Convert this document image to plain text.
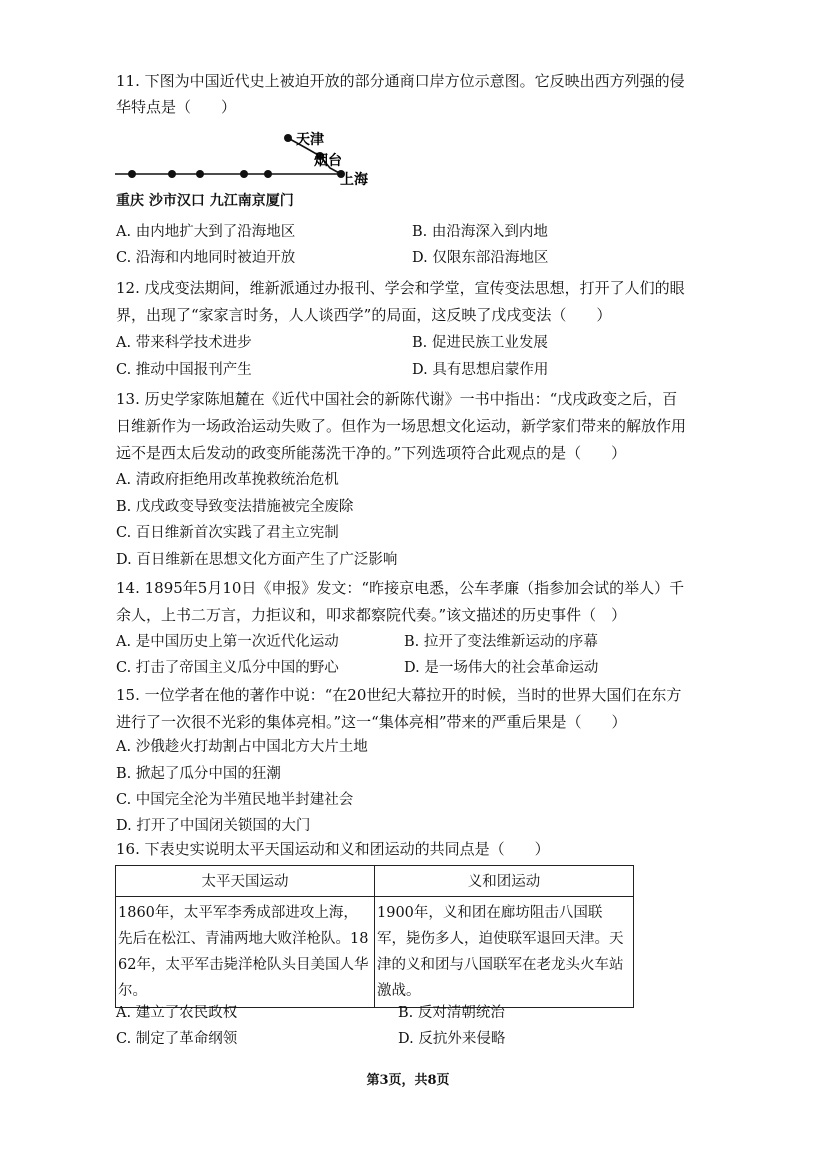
11. 下图为中国近代史上被迫开放的部分通商口岸方位示意图。它反映出西方列强的侵
华特点是（　　）
天津
烟台
上海
重庆 沙市汉口 九江南京厦门
A. 由内地扩大到了沿海地区	B. 由沿海深入到内地
C. 沿海和内地同时被迫开放	D. 仅限东部沿海地区
12. 戊戌变法期间，维新派通过办报刊、学会和学堂，宣传变法思想，打开了人们的眼
界，出现了“家家言时务，人人谈西学”的局面，这反映了戊戌变法（　　）
A. 带来科学技术进步	B. 促进民族工业发展
C. 推动中国报刊产生	D. 具有思想启蒙作用
13. 历史学家陈旭麓在《近代中国社会的新陈代谢》一书中指出：“戊戌政变之后，百
日维新作为一场政治运动失败了。但作为一场思想文化运动，新学家们带来的解放作用
远不是西太后发动的政变所能荡洗干净的。”下列选项符合此观点的是（　　）
A. 清政府拒绝用改革挽救统治危机
B. 戊戌政变导致变法措施被完全废除
C. 百日维新首次实践了君主立宪制
D. 百日维新在思想文化方面产生了广泛影响
14. 1895年5月10日《申报》发文：“昨接京电悉，公车孝廉（指参加会试的举人）千
余人，上书二万言，力拒议和，叩求都察院代奏。”该文描述的历史事件（　）
A. 是中国历史上第一次近代化运动	B. 拉开了变法维新运动的序幕
C. 打击了帝国主义瓜分中国的野心	D. 是一场伟大的社会革命运动
15. 一位学者在他的著作中说：“在20世纪大幕拉开的时候，当时的世界大国们在东方
进行了一次很不光彩的集体亮相。”这一“集体亮相”带来的严重后果是（　　）
A. 沙俄趁火打劫割占中国北方大片土地
B. 掀起了瓜分中国的狂潮
C. 中国完全沦为半殖民地半封建社会
D. 打开了中国闭关锁国的大门
16. 下表史实说明太平天国运动和义和团运动的共同点是（　　）
太平天国运动	义和团运动
1860年，太平军李秀成部进攻上海，先后在松江、青浦两地大败洋枪队。1862年，太平军击毙洋枪队头目美国人华尔。	1900年，义和团在廊坊阻击八国联军，毙伤多人，迫使联军退回天津。天津的义和团与八国联军在老龙头火车站激战。
A. 建立了农民政权	B. 反对清朝统治
C. 制定了革命纲领	D. 反抗外来侵略
第3页，共8页
